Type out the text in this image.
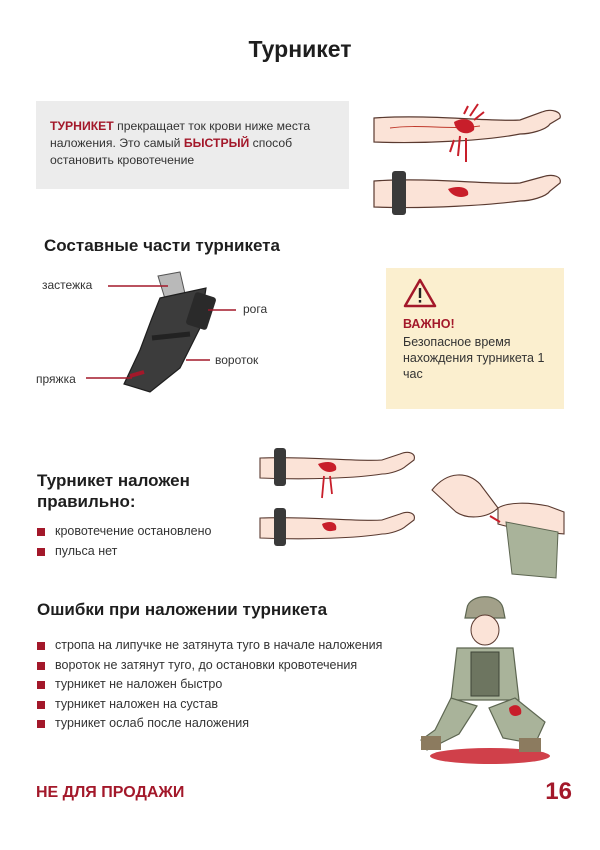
Турникет
ТУРНИКЕТ прекращает ток крови ниже места наложения. Это самый БЫСТРЫЙ способ остановить кровотечение
Составные части турникета
застежка
рога
вороток
пряжка
ВАЖНО!
Безопасное время нахождения турникета 1 час
Турникет наложен
правильно:
кровотечение остановлено
пульса нет
Ошибки при наложении турникета
стропа на липучке не затянута туго в начале наложения
вороток не затянут туго, до остановки кровотечения
турникет не наложен быстро
турникет наложен на сустав
турникет ослаб после наложения
НЕ ДЛЯ ПРОДАЖИ	16
